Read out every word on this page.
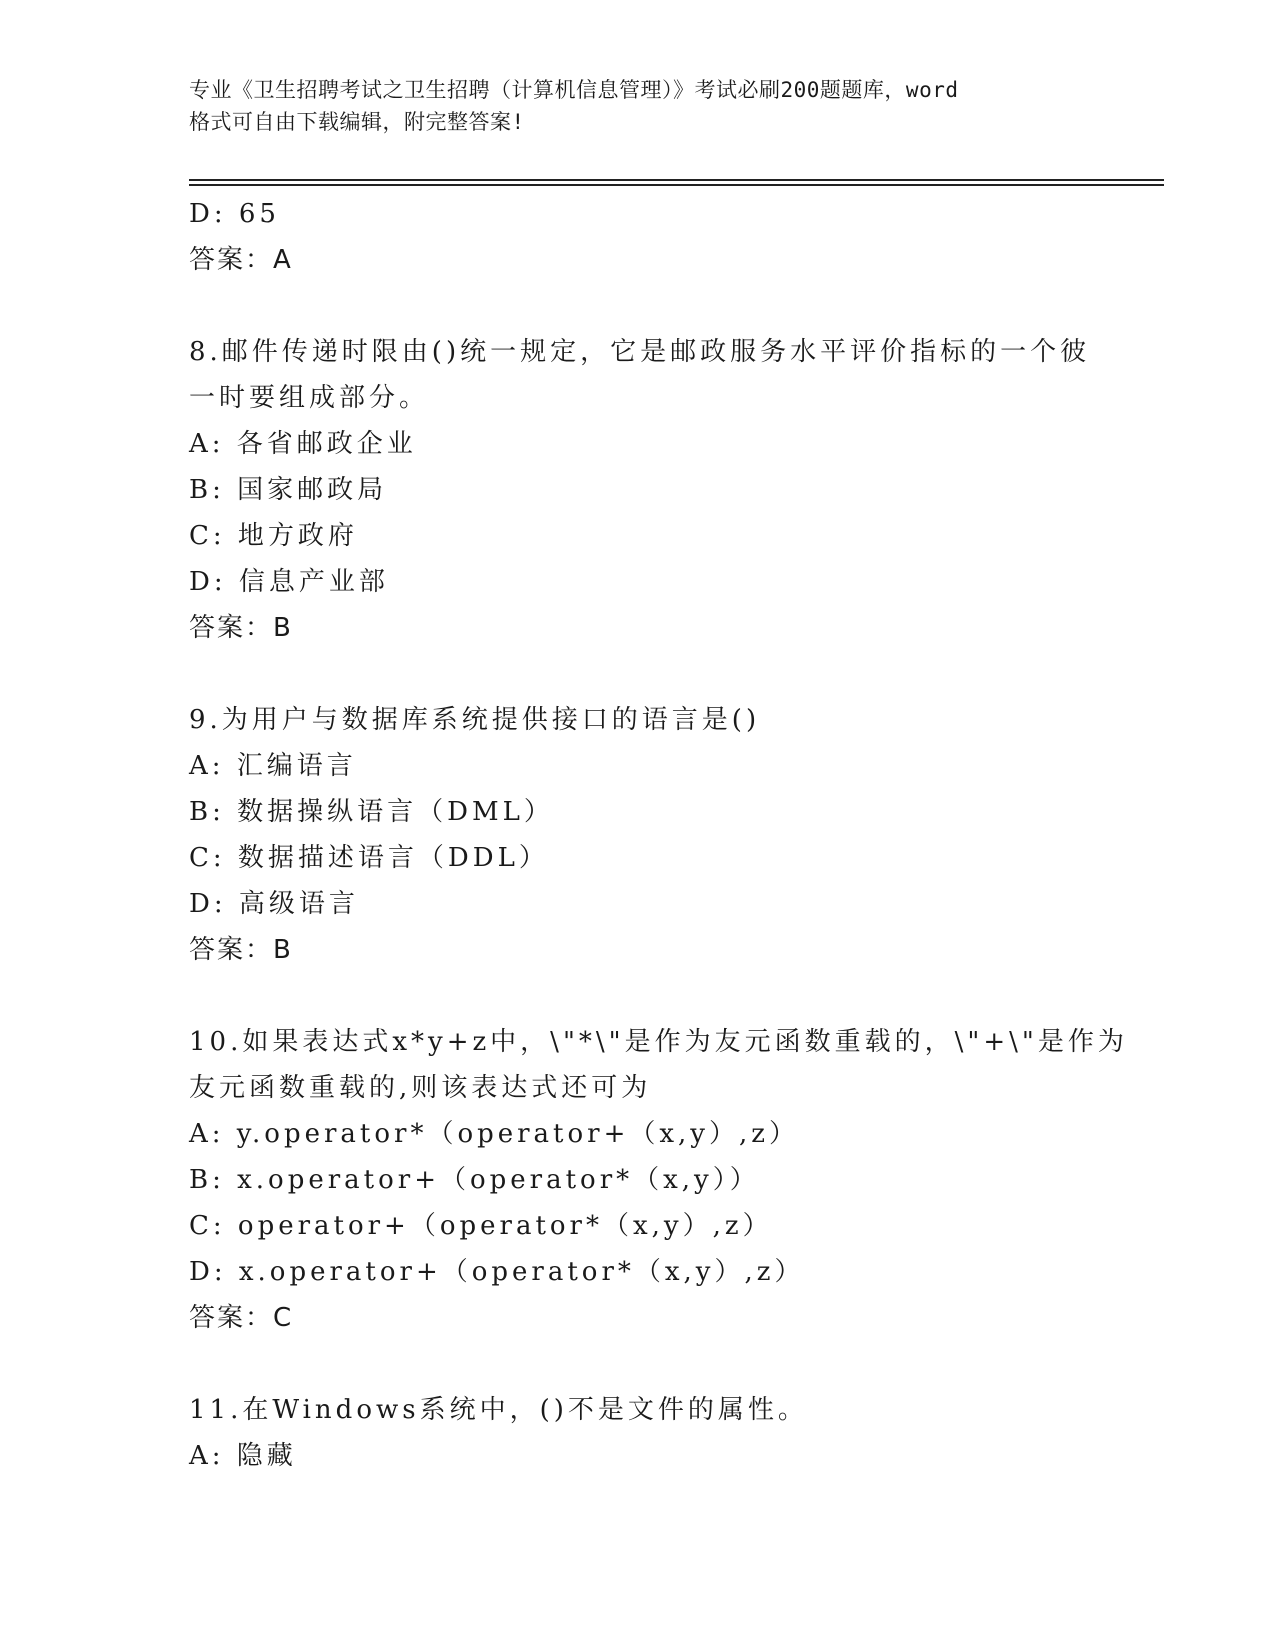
专业《卫生招聘考试之卫生招聘（计算机信息管理）》考试必刷200题题库，word
格式可自由下载编辑，附完整答案!
D: 65
答案：A
8.邮件传递时限由()统一规定，它是邮政服务水平评价指标的一个彼
一时要组成部分。
A: 各省邮政企业
B: 国家邮政局
C: 地方政府
D: 信息产业部
答案：B
9.为用户与数据库系统提供接口的语言是()
A: 汇编语言
B: 数据操纵语言（DML）
C: 数据描述语言（DDL）
D: 高级语言
答案：B
10.如果表达式x*y+z中，\"*\"是作为友元函数重载的，\"+\"是作为
友元函数重载的,则该表达式还可为
A: y.operator*（operator+（x,y）,z）
B: x.operator+（operator*（x,y））
C: operator+（operator*（x,y）,z）
D: x.operator+（operator*（x,y）,z）
答案：C
11.在Windows系统中，()不是文件的属性。
A: 隐藏
